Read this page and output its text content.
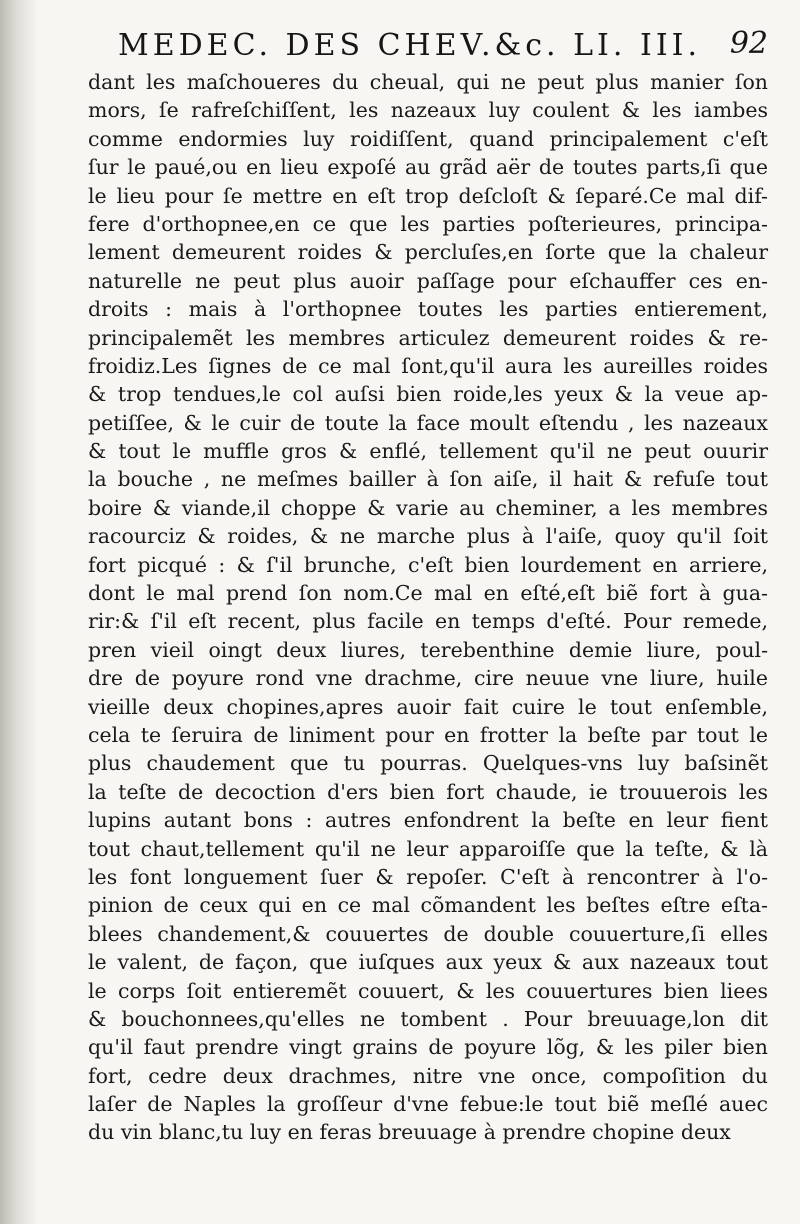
MEDEC. DES CHEV.&c. LI. III. 92
dant les maſchoueres du cheual, qui ne peut plus manier ſon
mors, ſe rafreſchiſſent, les nazeaux luy coulent & les iambes
comme endormies luy roidiſſent, quand principalement c'eſt
ſur le paué,ou en lieu expoſé au grãd aër de toutes parts,ſi que
le lieu pour ſe mettre en eſt trop deſcloſt & ſeparé.Ce mal dif-
fere d'orthopnee,en ce que les parties poſterieures, principa-
lement demeurent roides & percluſes,en ſorte que la chaleur
naturelle ne peut plus auoir paſſage pour eſchauffer ces en-
droits : mais à l'orthopnee toutes les parties entierement,
principalemẽt les membres articulez demeurent roides & re-
froidiz.Les ſignes de ce mal ſont,qu'il aura les aureilles roides
& trop tendues,le col auſsi bien roide,les yeux & la veue ap-
petiſſee, & le cuir de toute la face moult eſtendu , les nazeaux
& tout le muffle gros & enflé, tellement qu'il ne peut ouurir
la bouche , ne meſmes bailler à ſon aiſe, il hait & refuſe tout
boire & viande,il choppe & varie au cheminer, a les membres
racourciz & roides, & ne marche plus à l'aiſe, quoy qu'il ſoit
fort picqué : & ſ'il brunche, c'eſt bien lourdement en arriere,
dont le mal prend ſon nom.Ce mal en eſté,eſt biẽ fort à gua-
rir:& ſ'il eſt recent, plus facile en temps d'eſté. Pour remede,
pren vieil oingt deux liures, terebenthine demie liure, poul-
dre de poyure rond vne drachme, cire neuue vne liure, huile
vieille deux chopines,apres auoir fait cuire le tout enſemble,
cela te ſeruira de liniment pour en frotter la beſte par tout le
plus chaudement que tu pourras. Quelques-vns luy baſsinẽt
la teſte de decoction d'ers bien fort chaude, ie trouuerois les
lupins autant bons : autres enfondrent la beſte en leur fient
tout chaut,tellement qu'il ne leur apparoiſſe que la teſte, & là
les font longuement ſuer & repoſer. C'eſt à rencontrer à l'o-
pinion de ceux qui en ce mal cõmandent les beſtes eſtre eſta-
blees chandement,& couuertes de double couuerture,ſi elles
le valent, de façon, que iuſques aux yeux & aux nazeaux tout
le corps ſoit entieremẽt couuert, & les couuertures bien liees
& bouchonnees,qu'elles ne tombent . Pour breuuage,lon dit
qu'il faut prendre vingt grains de poyure lõg, & les piler bien
fort, cedre deux drachmes, nitre vne once, compoſition du
laſer de Naples la groſſeur d'vne febue:le tout biẽ meſlé auec
du vin blanc,tu luy en feras breuuage à prendre chopine deux
